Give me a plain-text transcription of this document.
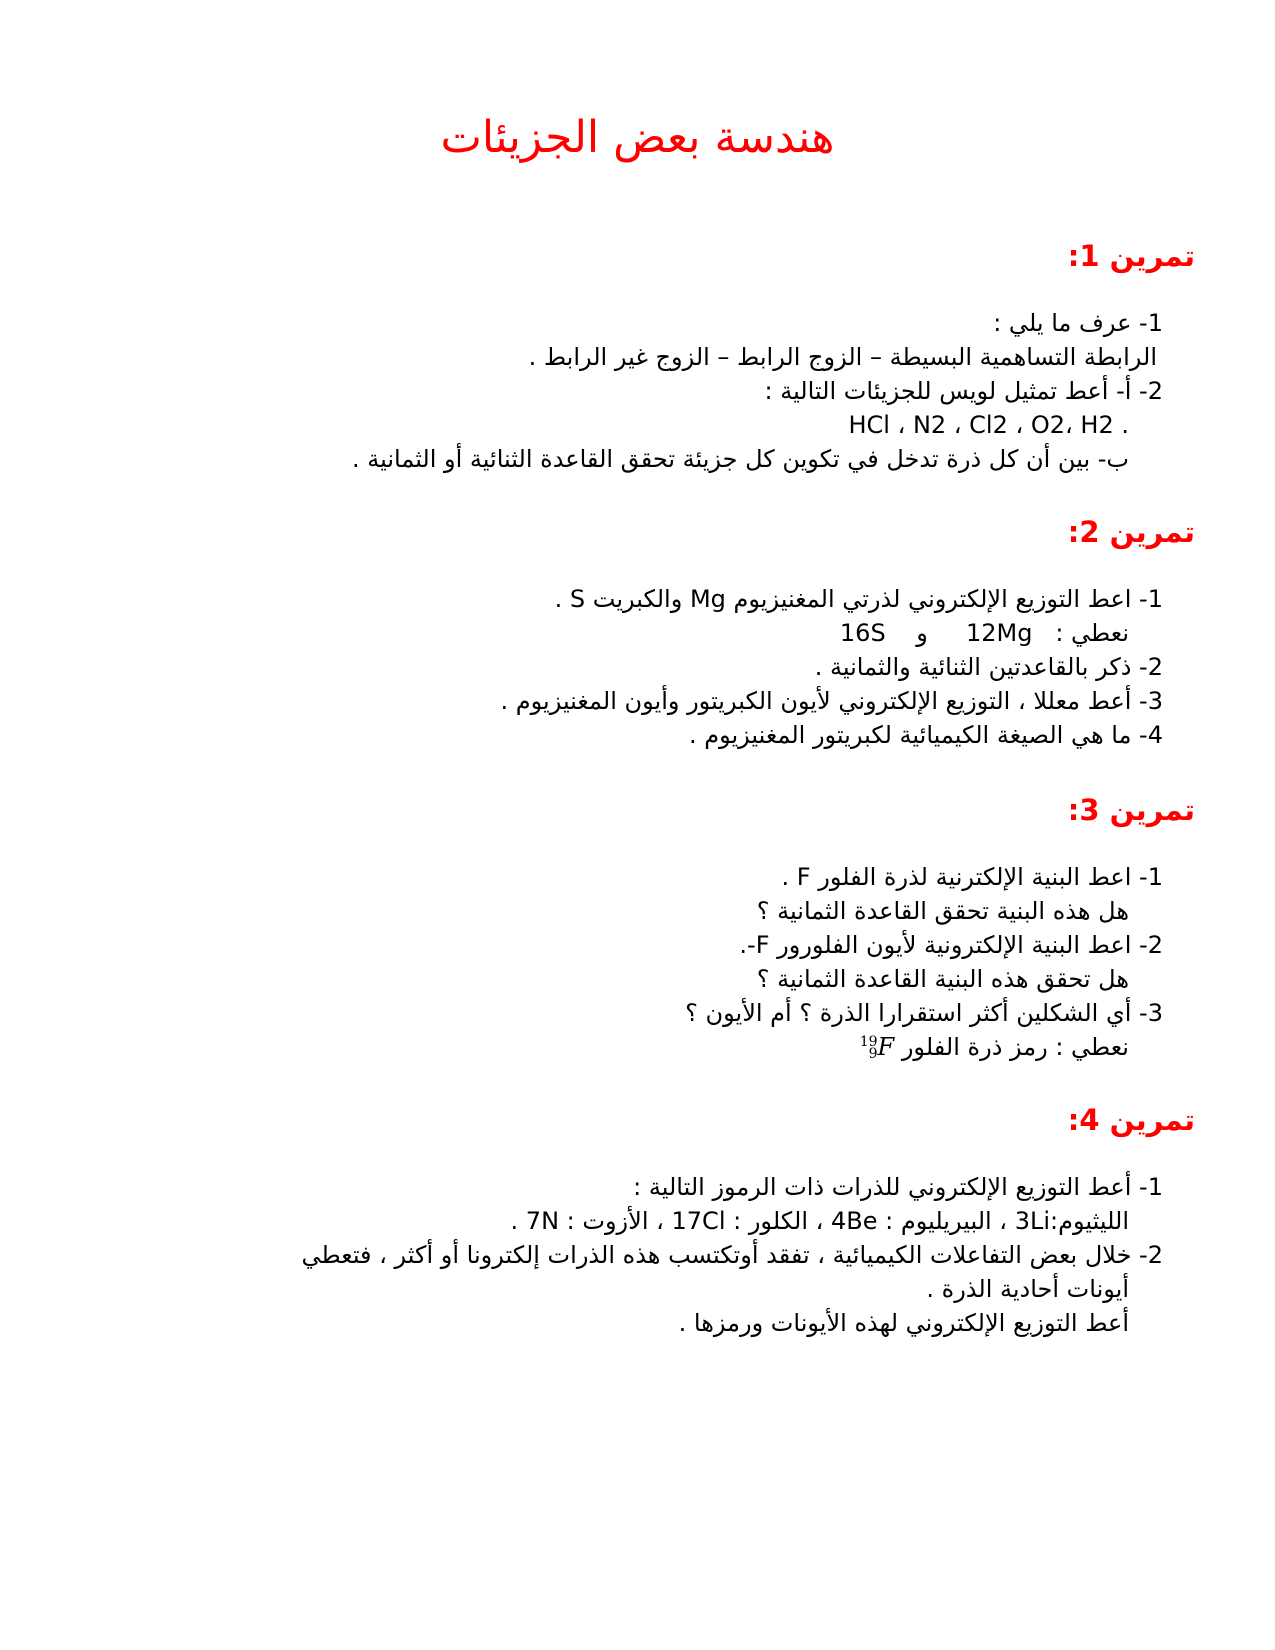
هندسة بعض الجزيئات
تمرين 1:
1- عرف ما يلي :
الرابطة التساهمية البسيطة – الزوج الرابط – الزوج غير الرابط .
2- أ- أعط تمثيل لويس للجزيئات التالية :
. HCl ، N2 ، Cl2 ، O2، H2
ب- بين أن كل ذرة تدخل في تكوين كل جزيئة تحقق القاعدة الثنائية أو الثمانية .
تمرين 2:
1- اعط التوزيع الإلكتروني لذرتي المغنيزيوم Mg والكبريت S .
نعطي :   12Mg     و    16S
2- ذكر بالقاعدتين الثنائية والثمانية .
3- أعط معللا ، التوزيع الإلكتروني لأيون الكبريتور وأيون المغنيزيوم .
4- ما هي الصيغة الكيميائية لكبريتور المغنيزيوم .
تمرين 3:
1- اعط البنية الإلكترنية لذرة الفلور F .
هل هذه البنية تحقق القاعدة الثمانية ؟
2- اعط البنية الإلكترونية لأيون الفلورور F-.
هل تحقق هذه البنية القاعدة الثمانية ؟
3- أي الشكلين أكثر استقرارا الذرة ؟ أم الأيون ؟
نعطي : رمز ذرة الفلور
19
9 F
تمرين 4:
1- أعط التوزيع الإلكتروني للذرات ذات الرموز التالية :
الليثيوم:3Li ، البيريليوم : 4Be ، الكلور : 17Cl ، الأزوت : 7N .
2- خلال بعض التفاعلات الكيميائية ، تفقد أوتكتسب هذه الذرات إلكترونا أو أكثر ، فتعطي
أيونات أحادية الذرة .
أعط التوزيع الإلكتروني لهذه الأيونات ورمزها .
